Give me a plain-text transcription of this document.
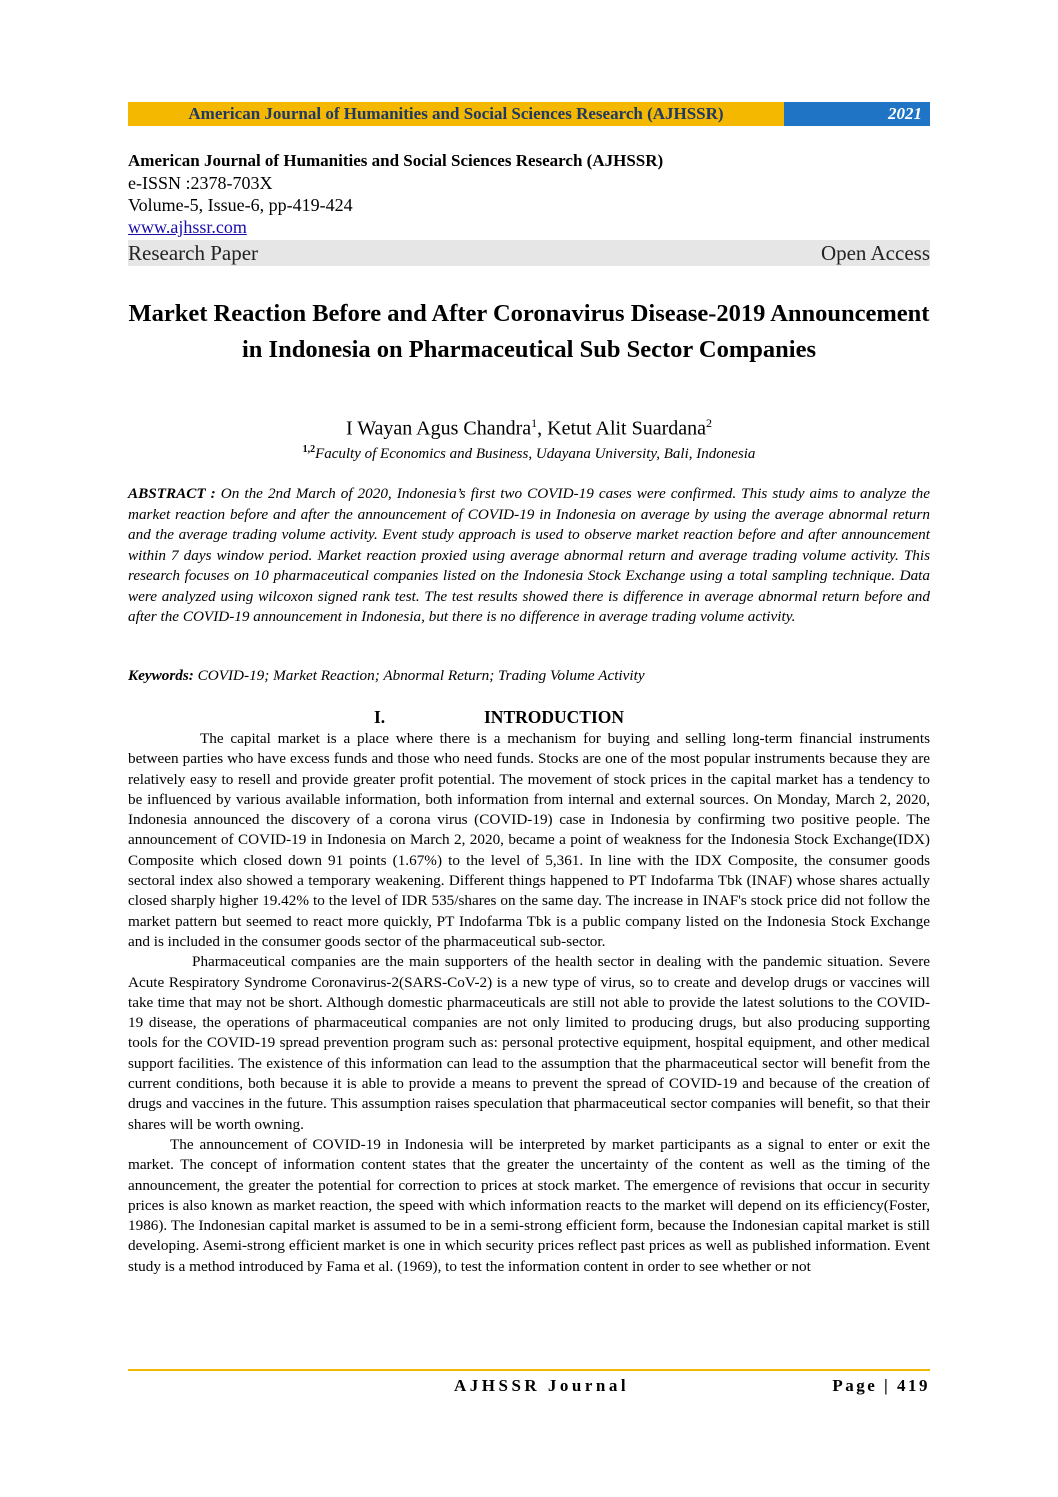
American Journal of Humanities and Social Sciences Research (AJHSSR)	2021
American Journal of Humanities and Social Sciences Research (AJHSSR)
e-ISSN :2378-703X
Volume-5, Issue-6, pp-419-424
www.ajhssr.com
Research Paper	Open Access
Market Reaction Before and After Coronavirus Disease-2019 Announcement in Indonesia on Pharmaceutical Sub Sector Companies
I Wayan Agus Chandra$^1$, Ketut Alit Suardana$^2$
$^{1,2}$Faculty of Economics and Business, Udayana University, Bali, Indonesia
ABSTRACT : On the 2nd March of 2020, Indonesia’s first two COVID-19 cases were confirmed. This study aims to analyze the market reaction before and after the announcement of COVID-19 in Indonesia on average by using the average abnormal return and the average trading volume activity. Event study approach is used to observe market reaction before and after announcement within 7 days window period. Market reaction proxied using average abnormal return and average trading volume activity. This research focuses on 10 pharmaceutical companies listed on the Indonesia Stock Exchange using a total sampling technique. Data were analyzed using wilcoxon signed rank test. The test results showed there is difference in average abnormal return before and after the COVID-19 announcement in Indonesia, but there is no difference in average trading volume activity.
Keywords: COVID-19; Market Reaction; Abnormal Return; Trading Volume Activity
I.	INTRODUCTION

The capital market is a place where there is a mechanism for buying and selling long-term financial instruments between parties who have excess funds and those who need funds. Stocks are one of the most popular instruments because they are relatively easy to resell and provide greater profit potential. The movement of stock prices in the capital market has a tendency to be influenced by various available information, both information from internal and external sources. On Monday, March 2, 2020, Indonesia announced the discovery of a corona virus (COVID-19) case in Indonesia by confirming two positive people. The announcement of COVID-19 in Indonesia on March 2, 2020, became a point of weakness for the Indonesia Stock Exchange(IDX) Composite which closed down 91 points (1.67%) to the level of 5,361. In line with the IDX Composite, the consumer goods sectoral index also showed a temporary weakening. Different things happened to PT Indofarma Tbk (INAF) whose shares actually closed sharply higher 19.42% to the level of IDR 535/shares on the same day. The increase in INAF's stock price did not follow the market pattern but seemed to react more quickly, PT Indofarma Tbk is a public company listed on the Indonesia Stock Exchange and is included in the consumer goods sector of the pharmaceutical sub-sector.

Pharmaceutical companies are the main supporters of the health sector in dealing with the pandemic situation. Severe Acute Respiratory Syndrome Coronavirus-2(SARS-CoV-2) is a new type of virus, so to create and develop drugs or vaccines will take time that may not be short. Although domestic pharmaceuticals are still not able to provide the latest solutions to the COVID-19 disease, the operations of pharmaceutical companies are not only limited to producing drugs, but also producing supporting tools for the COVID-19 spread prevention program such as: personal protective equipment, hospital equipment, and other medical support facilities. The existence of this information can lead to the assumption that the pharmaceutical sector will benefit from the current conditions, both because it is able to provide a means to prevent the spread of COVID-19 and because of the creation of drugs and vaccines in the future. This assumption raises speculation that pharmaceutical sector companies will benefit, so that their shares will be worth owning.

The announcement of COVID-19 in Indonesia will be interpreted by market participants as a signal to enter or exit the market. The concept of information content states that the greater the uncertainty of the content as well as the timing of the announcement, the greater the potential for correction to prices at stock market. The emergence of revisions that occur in security prices is also known as market reaction, the speed with which information reacts to the market will depend on its efficiency(Foster, 1986). The Indonesian capital market is assumed to be in a semi-strong efficient form, because the Indonesian capital market is still developing. Asemi-strong efficient market is one in which security prices reflect past prices as well as published information. Event study is a method introduced by Fama et al. (1969), to test the information content in order to see whether or not

AJHSSR Journal	Page | 419
